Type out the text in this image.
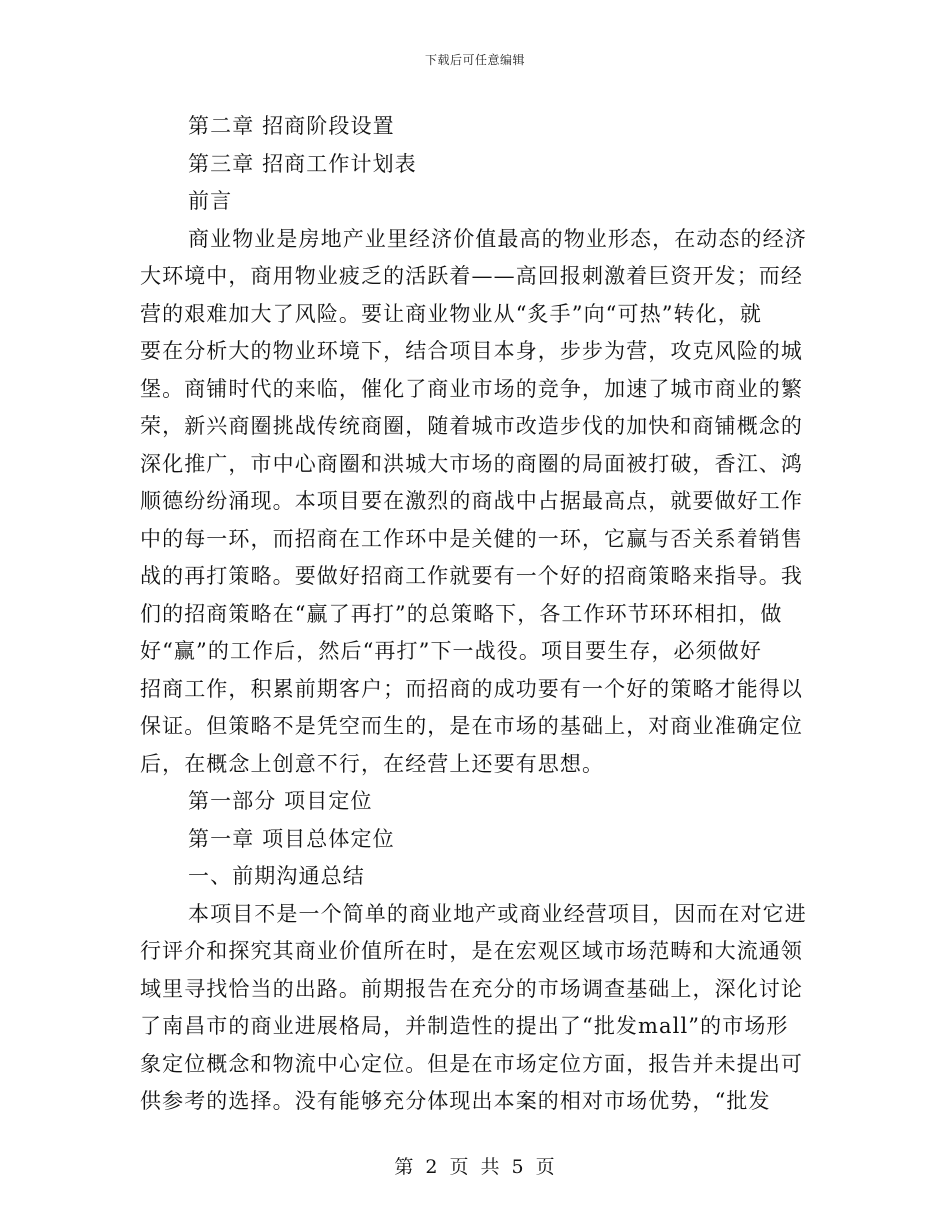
下载后可任意编辑
第二章 招商阶段设置
第三章 招商工作计划表
前言
商业物业是房地产业里经济价值最高的物业形态，在动态的经济
大环境中，商用物业疲乏的活跃着——高回报刺激着巨资开发；而经
营的艰难加大了风险。要让商业物业从“炙手”向“可热”转化，就
要在分析大的物业环境下，结合项目本身，步步为营，攻克风险的城
堡。商铺时代的来临，催化了商业市场的竞争，加速了城市商业的繁
荣，新兴商圈挑战传统商圈，随着城市改造步伐的加快和商铺概念的
深化推广，市中心商圈和洪城大市场的商圈的局面被打破，香江、鸿
顺德纷纷涌现。本项目要在激烈的商战中占据最高点，就要做好工作
中的每一环，而招商在工作环中是关健的一环，它赢与否关系着销售
战的再打策略。要做好招商工作就要有一个好的招商策略来指导。我
们的招商策略在“赢了再打”的总策略下，各工作环节环环相扣，做
好“赢”的工作后，然后“再打”下一战役。项目要生存，必须做好
招商工作，积累前期客户；而招商的成功要有一个好的策略才能得以
保证。但策略不是凭空而生的，是在市场的基础上，对商业准确定位
后，在概念上创意不行，在经营上还要有思想。
第一部分 项目定位
第一章 项目总体定位
一、前期沟通总结
本项目不是一个简单的商业地产或商业经营项目，因而在对它进
行评介和探究其商业价值所在时，是在宏观区域市场范畴和大流通领
域里寻找恰当的出路。前期报告在充分的市场调查基础上，深化讨论
了南昌市的商业进展格局，并制造性的提出了“批发mall”的市场形
象定位概念和物流中心定位。但是在市场定位方面，报告并未提出可
供参考的选择。没有能够充分体现出本案的相对市场优势，“批发
第 2 页 共 5 页
